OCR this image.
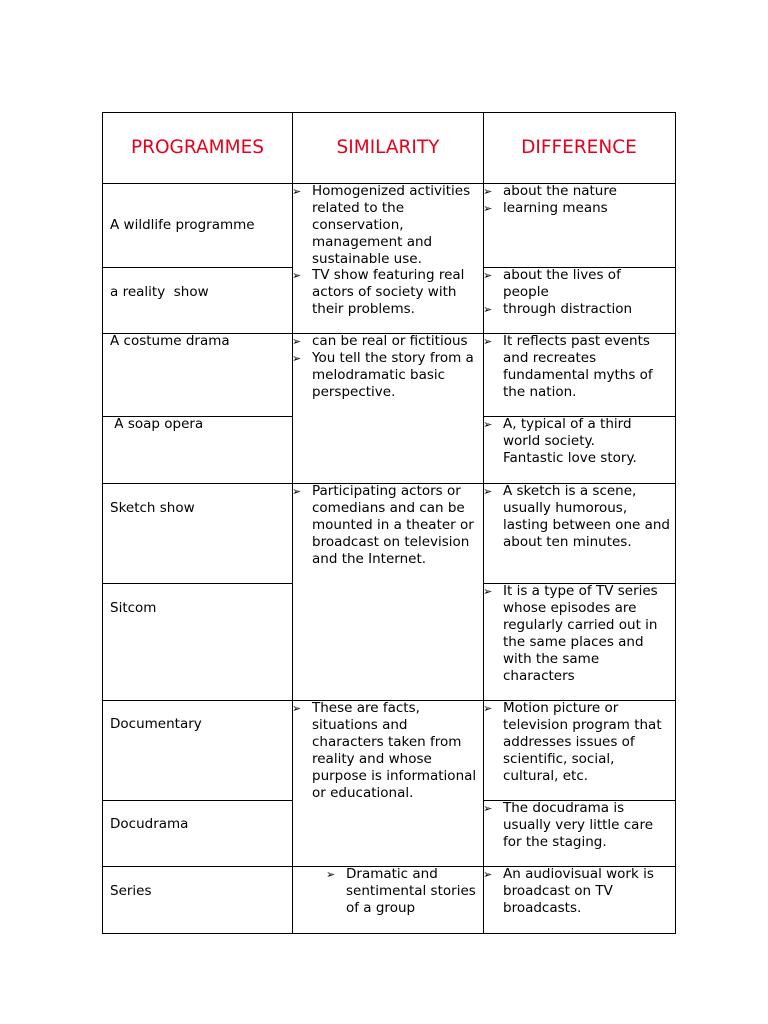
PROGRAMMES	SIMILARITY	DIFFERENCE
A wildlife programme
a reality  show
A costume drama
A soap opera
Sketch show
Sitcom
Documentary
Docudrama
Series
➢ Homogenized activities related to the conservation, management and sustainable use.
➢ TV show featuring real actors of society with their problems.
➢ can be real or fictitious
➢ You tell the story from a melodramatic basic perspective.
➢ Participating actors or comedians and can be mounted in a theater or broadcast on television and the Internet.
➢ These are facts, situations and characters taken from reality and whose purpose is informational or educational.
➢ Dramatic and sentimental stories of a group
➢ about the nature
➢ learning means
➢ about the lives of people
➢ through distraction
➢ It reflects past events and recreates fundamental myths of the nation.
➢ A, typical of a third world society. Fantastic love story.
➢ A sketch is a scene, usually humorous, lasting between one and about ten minutes.
➢ It is a type of TV series whose episodes are regularly carried out in the same places and with the same characters
➢ Motion picture or television program that addresses issues of scientific, social, cultural, etc.
➢ The docudrama is usually very little care for the staging.
➢ An audiovisual work is broadcast on TV broadcasts.
